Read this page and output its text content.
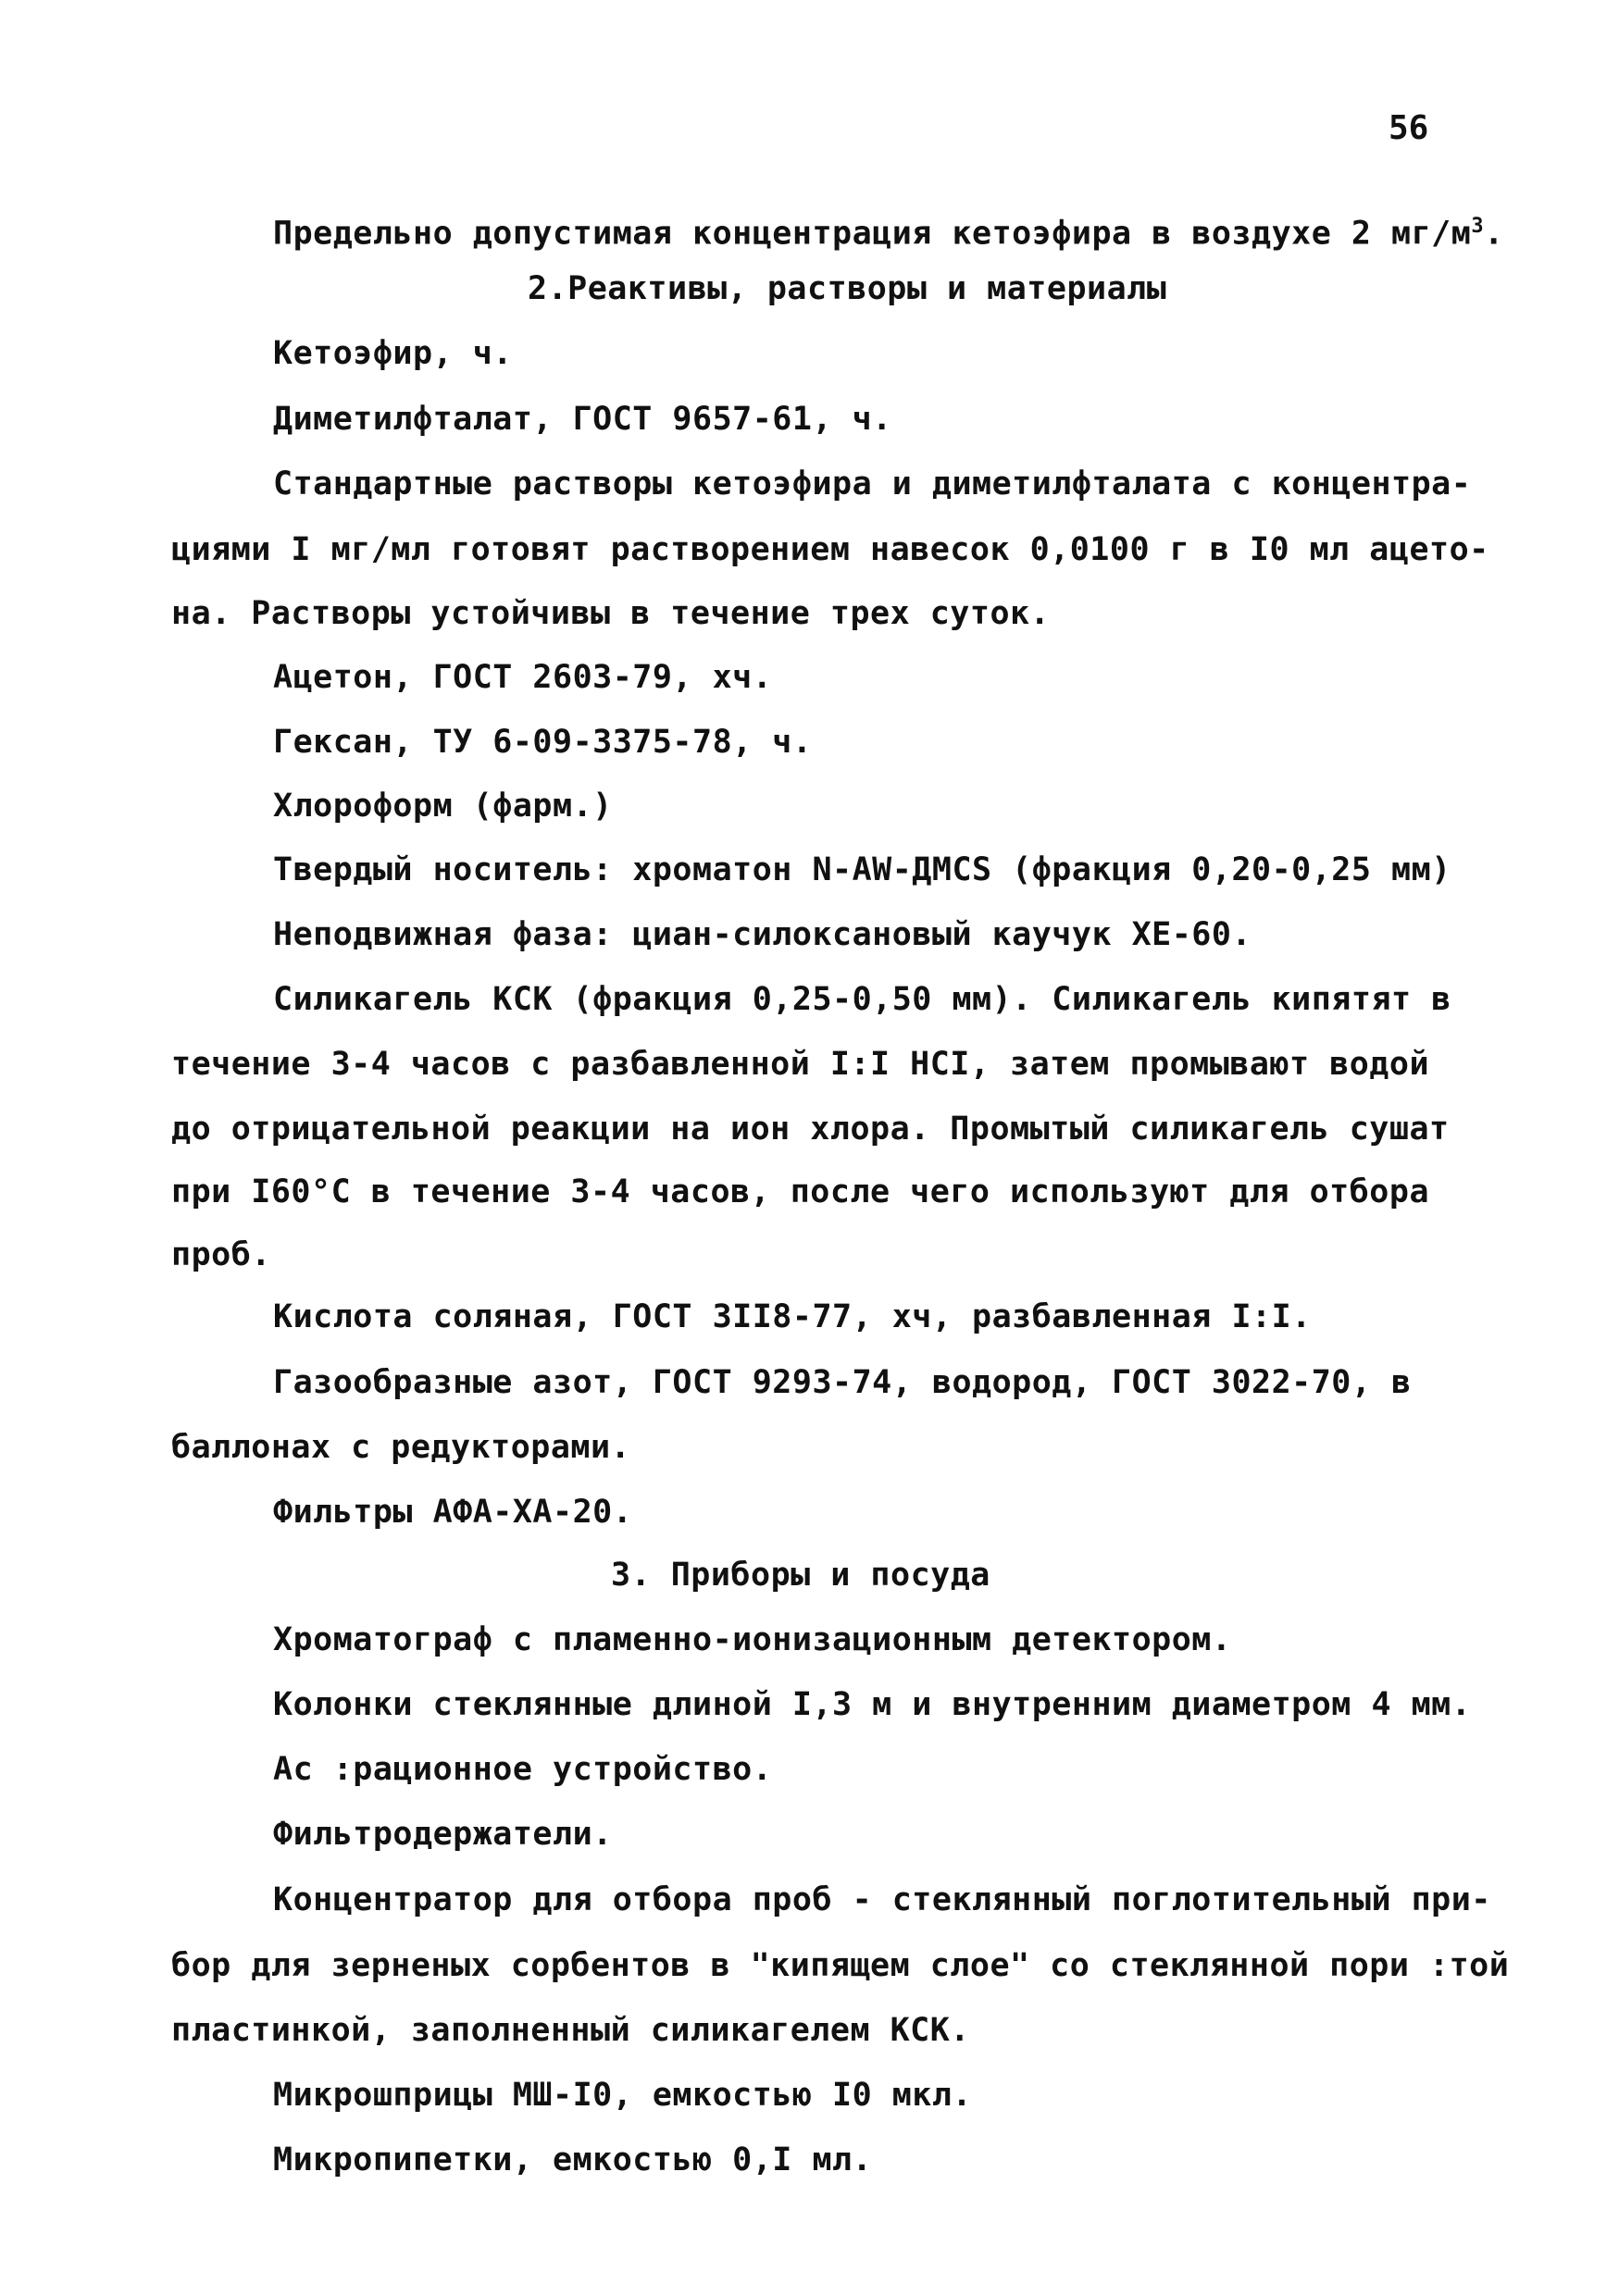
56
Предельно допустимая концентрация кетоэфира в воздухе 2 $мг/м^3$.
2.Реактивы, растворы и материалы
Кетоэфир, ч.
Диметилфталат, ГОСТ 9657-61, ч.
Стандартные растворы кетоэфира и диметилфталата с концентра-
циями I мг/мл готовят растворением навесок 0,0100 г в I0 мл ацето-
на. Растворы устойчивы в течение трех суток.
Ацетон, ГОСТ 2603-79, хч.
Гексан, ТУ 6-09-3375-78, ч.
Хлороформ (фарм.)
Твердый носитель: хроматон N-AW-ДМСS (фракция 0,20-0,25 мм)
Неподвижная фаза: циан-силоксановый каучук ХЕ-60.
Силикагель КСК (фракция 0,25-0,50 мм). Силикагель кипятят в
течение 3-4 часов с разбавленной I:I HCI, затем промывают водой
до отрицательной реакции на ион хлора. Промытый силикагель сушат
при I60°С в течение 3-4 часов, после чего используют для отбора
проб.
Кислота соляная, ГОСТ 3II8-77, хч, разбавленная I:I.
Газообразные азот, ГОСТ 9293-74, водород, ГОСТ 3022-70, в
баллонах с редукторами.
Фильтры АФА-ХА-20.
3. Приборы и посуда
Хроматограф с пламенно-ионизационным детектором.
Колонки стеклянные длиной I,3 м и внутренним диаметром 4 мм.
Ас :рационное устройство.
Фильтродержатели.
Концентратор для отбора проб - стеклянный поглотительный при-
бор для зерненых сорбентов в "кипящем слое" со стеклянной пори :той
пластинкой, заполненный силикагелем КСК.
Микрошприцы МШ-I0, емкостью I0 мкл.
Микропипетки, емкостью 0,I мл.
